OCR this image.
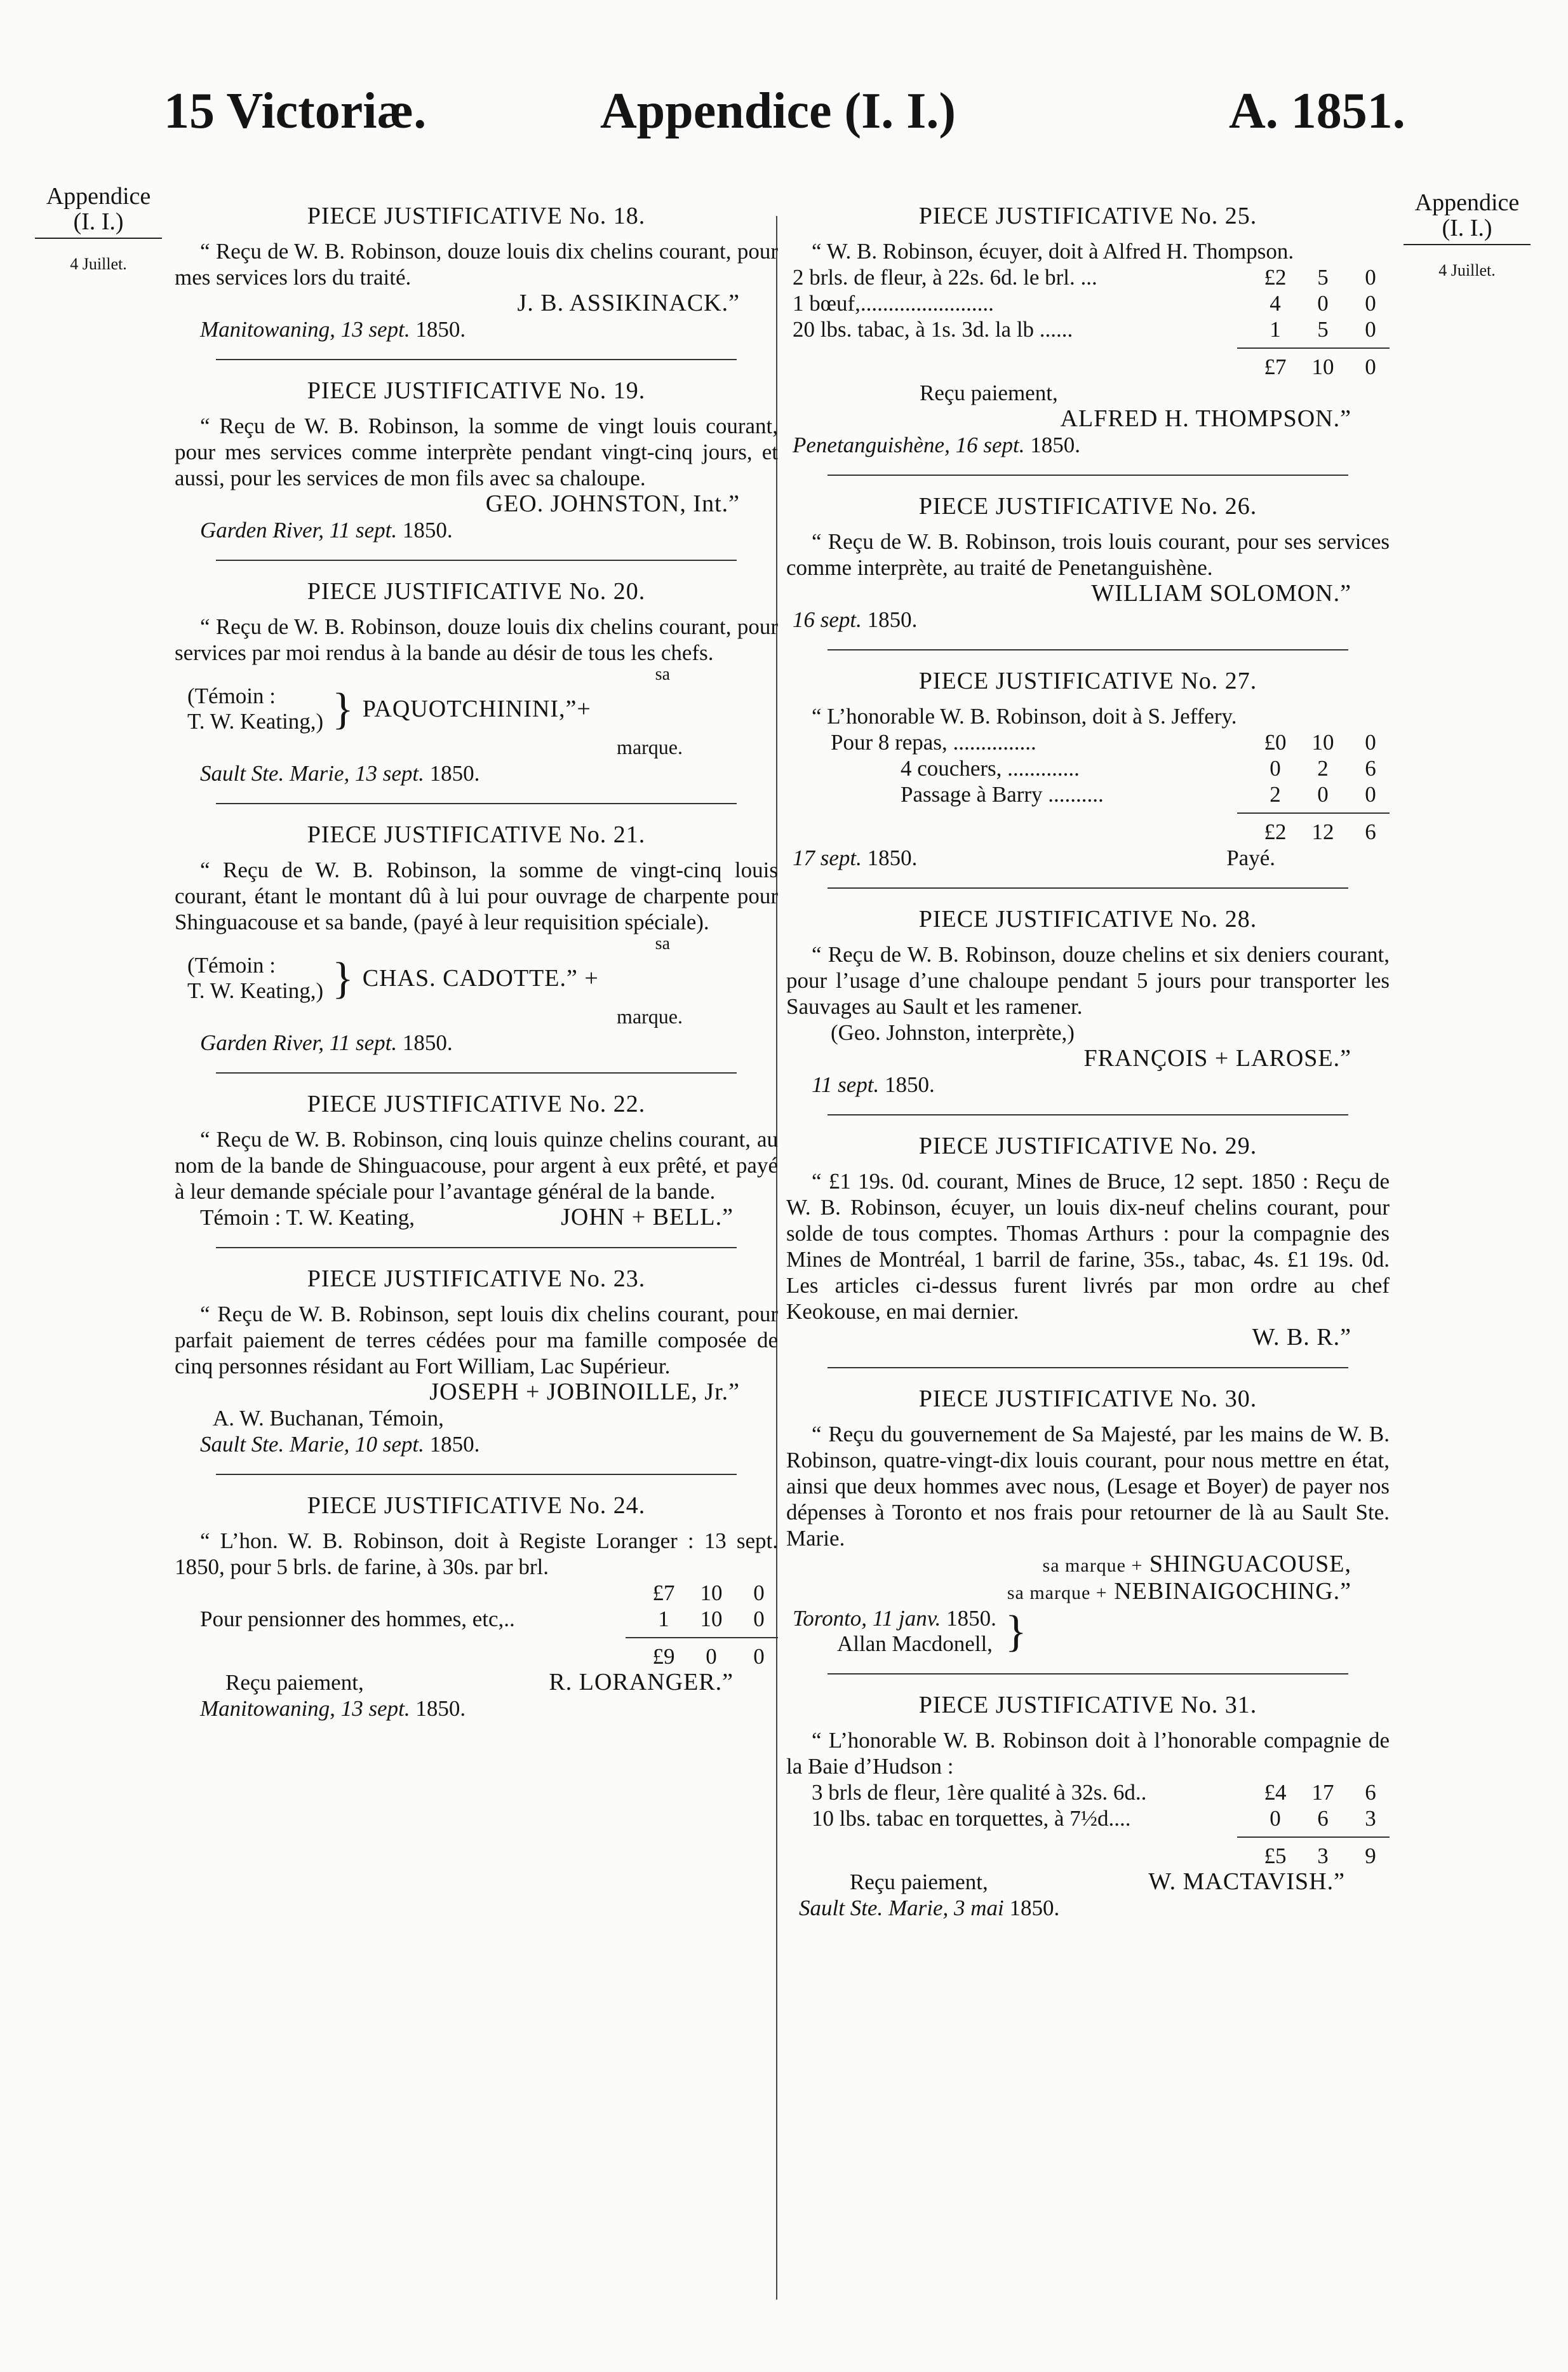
15 Victoriæ.	Appendice (I. I.)	A. 1851.
Appendice
(I. I.)
4 Juillet.
Appendice
(I. I.)
4 Juillet.
PIECE JUSTIFICATIVE No. 18.
“ Reçu de W. B. Robinson, douze louis dix chelins courant, pour mes services lors du traité.
J. B. ASSIKINACK.”
Manitowaning, 13 sept. 1850.
PIECE JUSTIFICATIVE No. 19.
“ Reçu de W. B. Robinson, la somme de vingt louis courant, pour mes services comme interprète pendant vingt-cinq jours, et aussi, pour les services de mon fils avec sa chaloupe.
GEO. JOHNSTON, Int.”
Garden River, 11 sept. 1850.
PIECE JUSTIFICATIVE No. 20.
“ Reçu de W. B. Robinson, douze louis dix chelins courant, pour services par moi rendus à la bande au désir de tous les chefs.
sa
(Témoin :
T. W. Keating,) } PAQUOTCHININI,”+
marque.
Sault Ste. Marie, 13 sept. 1850.
PIECE JUSTIFICATIVE No. 21.
“ Reçu de W. B. Robinson, la somme de vingt-cinq louis courant, étant le montant dû à lui pour ouvrage de charpente pour Shinguacouse et sa bande, (payé à leur requisition spéciale).
sa
(Témoin :
T. W. Keating,) } CHAS. CADOTTE.” +
marque.
Garden River, 11 sept. 1850.
PIECE JUSTIFICATIVE No. 22.
“ Reçu de W. B. Robinson, cinq louis quinze chelins courant, au nom de la bande de Shinguacouse, pour argent à eux prêté, et payé à leur demande spéciale pour l’avantage général de la bande.
Témoin : T. W. Keating,	JOHN + BELL.”
PIECE JUSTIFICATIVE No. 23.
“ Reçu de W. B. Robinson, sept louis dix chelins courant, pour parfait paiement de terres cédées pour ma famille composée de cinq personnes résidant au Fort William, Lac Supérieur.
JOSEPH + JOBINOILLE, Jr.”
A. W. Buchanan, Témoin,
Sault Ste. Marie, 10 sept. 1850.
PIECE JUSTIFICATIVE No. 24.
“ L’hon. W. B. Robinson, doit à Registe Loranger : 13 sept. 1850, pour 5 brls. de farine, à 30s. par brl.
£7	10	0
Pour pensionner des hommes, etc,..	1	10	0
£9	0	0
Reçu paiement,	R. LORANGER.”
Manitowaning, 13 sept. 1850.
PIECE JUSTIFICATIVE No. 25.
“ W. B. Robinson, écuyer, doit à Alfred H. Thompson.
2 brls. de fleur, à 22s. 6d. le brl. ...	£2	5	0
1 bœuf,........................	4	0	0
20 lbs. tabac, à 1s. 3d. la lb ......	1	5	0
£7	10	0
Reçu paiement,
ALFRED H. THOMPSON.”
Penetanguishène, 16 sept. 1850.
PIECE JUSTIFICATIVE No. 26.
“ Reçu de W. B. Robinson, trois louis courant, pour ses services comme interprète, au traité de Penetanguishène.
WILLIAM SOLOMON.”
16 sept. 1850.
PIECE JUSTIFICATIVE No. 27.
“ L’honorable W. B. Robinson, doit à S. Jeffery.
Pour 8 repas, ...............	£0	10	0
4 couchers, .............	0	2	6
Passage à Barry ..........	2	0	0
£2	12	6
17 sept. 1850.	Payé.
PIECE JUSTIFICATIVE No. 28.
“ Reçu de W. B. Robinson, douze chelins et six deniers courant, pour l’usage d’une chaloupe pendant 5 jours pour transporter les Sauvages au Sault et les ramener.
(Geo. Johnston, interprète,)
FRANÇOIS + LAROSE.”
11 sept. 1850.
PIECE JUSTIFICATIVE No. 29.
“ £1 19s. 0d. courant, Mines de Bruce, 12 sept. 1850 : Reçu de W. B. Robinson, écuyer, un louis dix-neuf chelins courant, pour solde de tous comptes. Thomas Arthurs : pour la compagnie des Mines de Montréal, 1 barril de farine, 35s., tabac, 4s. £1 19s. 0d. Les articles ci-dessus furent livrés par mon ordre au chef Keokouse, en mai dernier.
W. B. R.”
PIECE JUSTIFICATIVE No. 30.
“ Reçu du gouvernement de Sa Majesté, par les mains de W. B. Robinson, quatre-vingt-dix louis courant, pour nous mettre en état, ainsi que deux hommes avec nous, (Lesage et Boyer) de payer nos dépenses à Toronto et nos frais pour retourner de là au Sault Ste. Marie.
sa marque + SHINGUACOUSE,
sa marque + NEBINAIGOCHING.”
Toronto, 11 janv. 1850.
Allan Macdonell, }
PIECE JUSTIFICATIVE No. 31.
“ L’honorable W. B. Robinson doit à l’honorable compagnie de la Baie d’Hudson :
3 brls de fleur, 1ère qualité à 32s. 6d..	£4	17	6
10 lbs. tabac en torquettes, à 7½d....	0	6	3
£5	3	9
Reçu paiement,	W. MACTAVISH.”
Sault Ste. Marie, 3 mai 1850.
